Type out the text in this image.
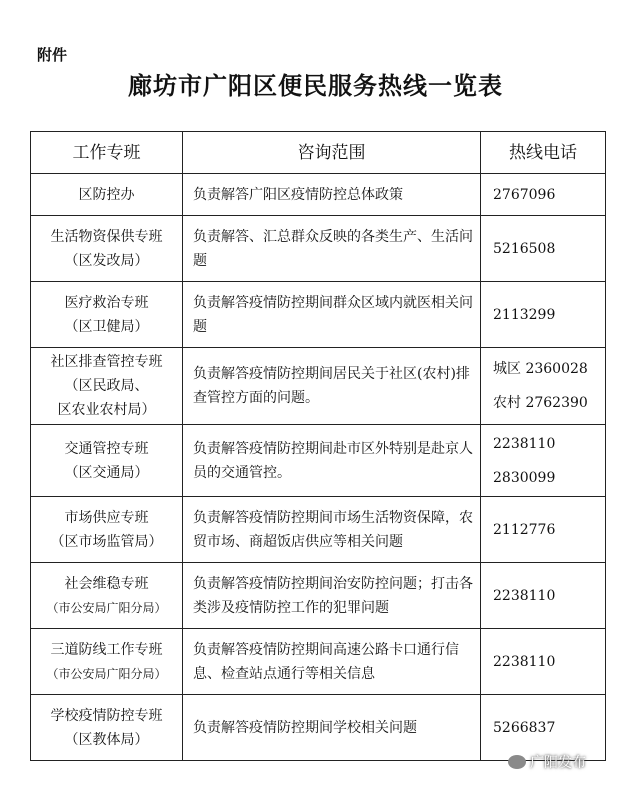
附件
廊坊市广阳区便民服务热线一览表
工作专班	咨询范围	热线电话

区防控办	负责解答广阳区疫情防控总体政策	2767096

生活物资保供专班
（区发改局）	负责解答、汇总群众反映的各类生产、生活问题	5216508

医疗救治专班
（区卫健局）	负责解答疫情防控期间群众区域内就医相关问题	2113299

社区排查管控专班
（区民政局、
区农业农村局）	负责解答疫情防控期间居民关于社区(农村)排查管控方面的问题。	城区 2360028
农村 2762390

交通管控专班
（区交通局）	负责解答疫情防控期间赴市区外特别是赴京人员的交通管控。	2238110
2830099

市场供应专班
（区市场监管局）	负责解答疫情防控期间市场生活物资保障，农贸市场、商超饭店供应等相关问题	2112776

社会维稳专班
（市公安局广阳分局）	负责解答疫情防控期间治安防控问题；打击各类涉及疫情防控工作的犯罪问题	2238110

三道防线工作专班
（市公安局广阳分局）	负责解答疫情防控期间高速公路卡口通行信息、检查站点通行等相关信息	2238110

学校疫情防控专班
（区教体局）	负责解答疫情防控期间学校相关问题	5266837
广阳发布
